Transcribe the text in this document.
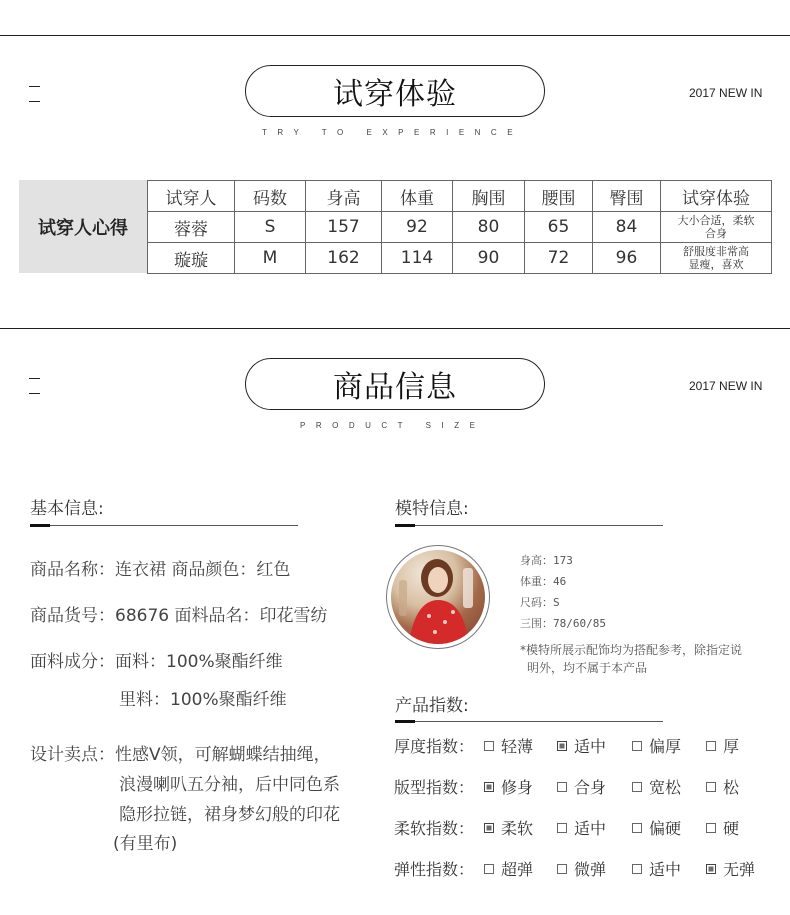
试穿体验	2017 NEW IN
TRY TO EXPERIENCE
试穿人心得
试穿人	码数	身高	体重	胸围	腰围	臀围	试穿体验
蓉蓉	S	157	92	80	65	84	大小合适，柔软
合身
璇璇	M	162	114	90	72	96	舒服度非常高
显瘦，喜欢
商品信息	2017 NEW IN
PRODUCT SIZE
基本信息:
商品名称：连衣裙 商品颜色：红色
商品货号：68676 面料品名：印花雪纺
面料成分：面料：100%聚酯纤维
里料：100%聚酯纤维
设计卖点：性感V领，可解蝴蝶结抽绳，
浪漫喇叭五分袖，后中同色系
隐形拉链，裙身梦幻般的印花
(有里布)
模特信息:
身高：173
体重：46
尺码：S
三围：78/60/85
*模特所展示配饰均为搭配参考，除指定说
明外，均不属于本产品
产品指数:
厚度指数： 轻薄	适中	偏厚	厚
版型指数： 修身	合身	宽松	松
柔软指数： 柔软	适中	偏硬	硬
弹性指数： 超弹	微弹	适中	无弹
